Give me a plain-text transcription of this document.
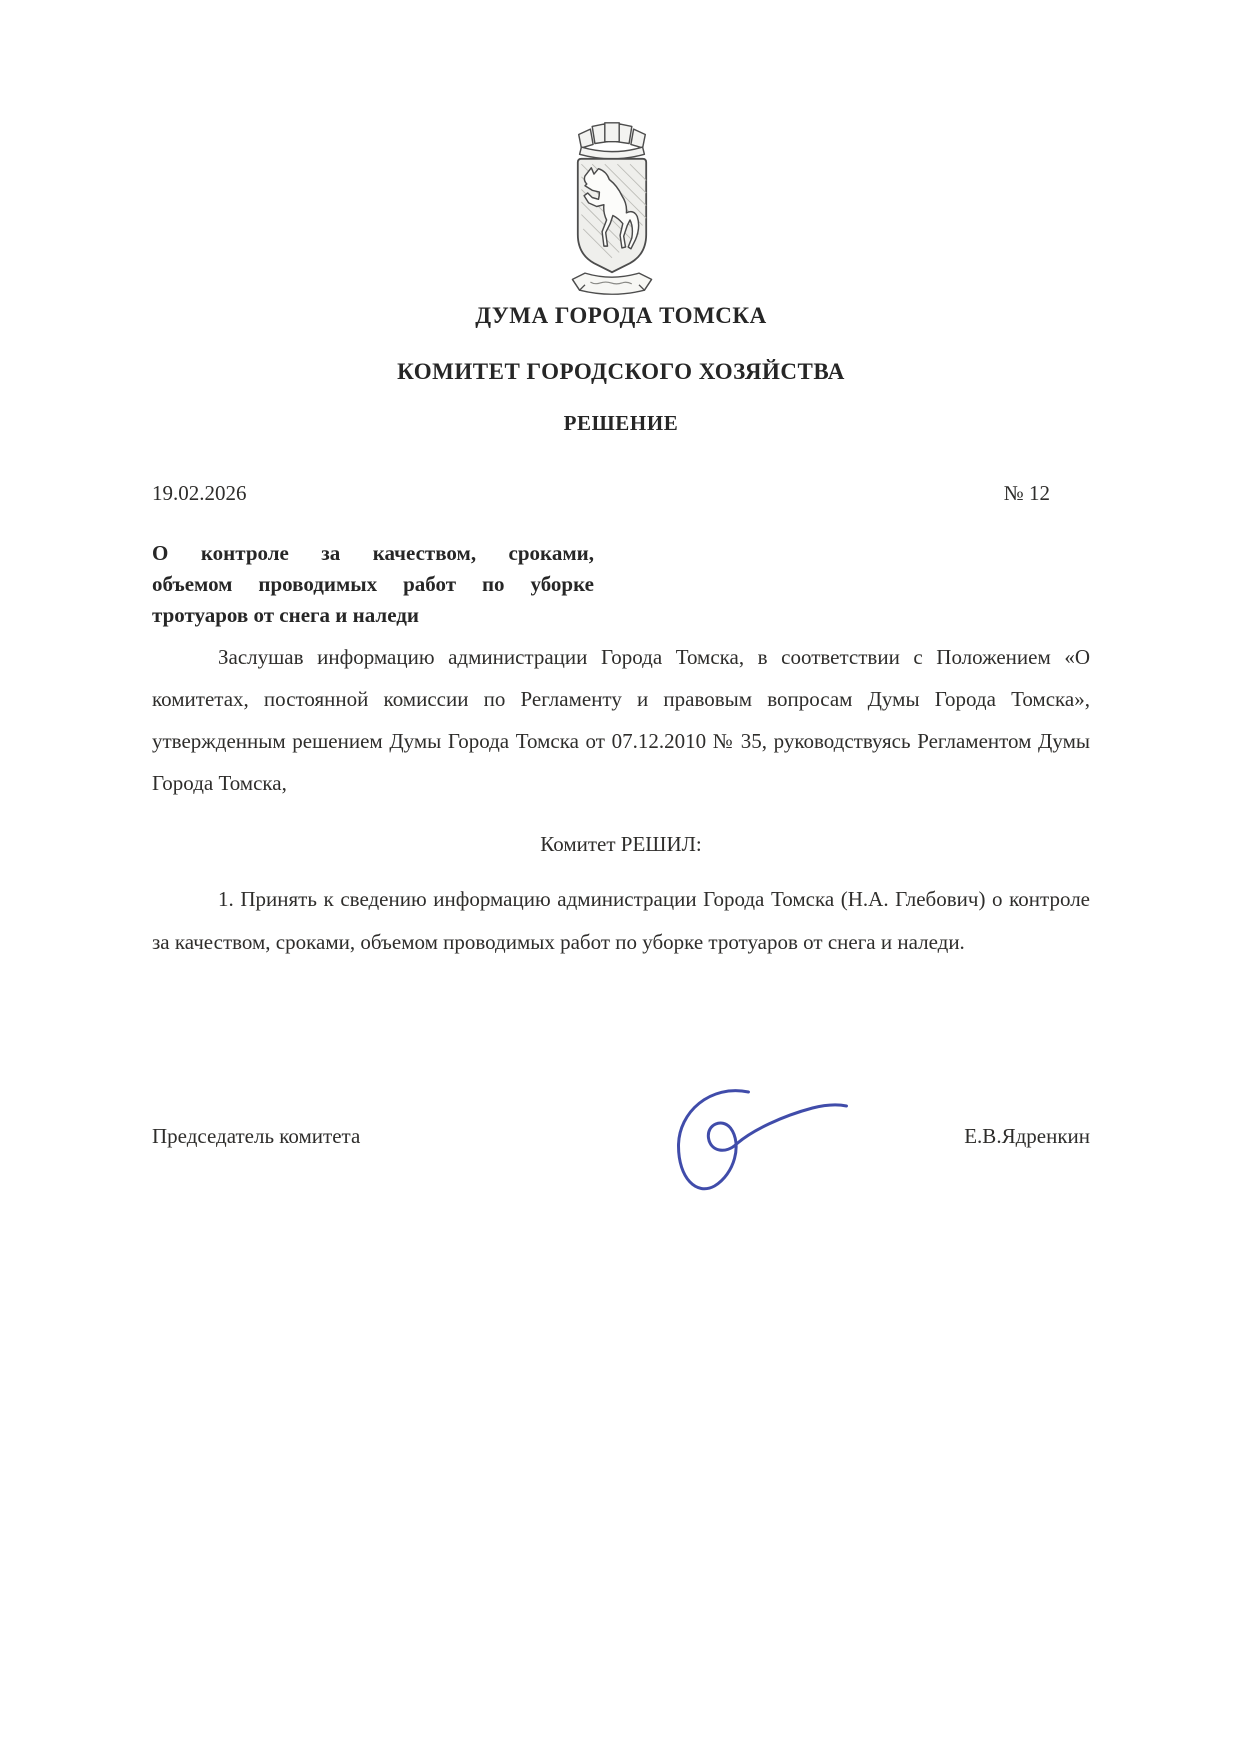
ДУМА ГОРОДА ТОМСКА
КОМИТЕТ ГОРОДСКОГО ХОЗЯЙСТВА
РЕШЕНИЕ
19.02.2026	№ 12
О контроле за качеством, сроками,
объемом проводимых работ по уборке
тротуаров от снега и наледи
Заслушав информацию администрации Города Томска, в соответствии с Положением «О комитетах, постоянной комиссии по Регламенту и правовым вопросам Думы Города Томска», утвержденным решением Думы Города Томска от 07.12.2010 № 35, руководствуясь Регламентом Думы Города Томска,
Комитет РЕШИЛ:
1. Принять к сведению информацию администрации Города Томска (Н.А. Глебович) о контроле за качеством, сроками, объемом проводимых работ по уборке тротуаров от снега и наледи.
Председатель комитета	Е.В.Ядренкин
